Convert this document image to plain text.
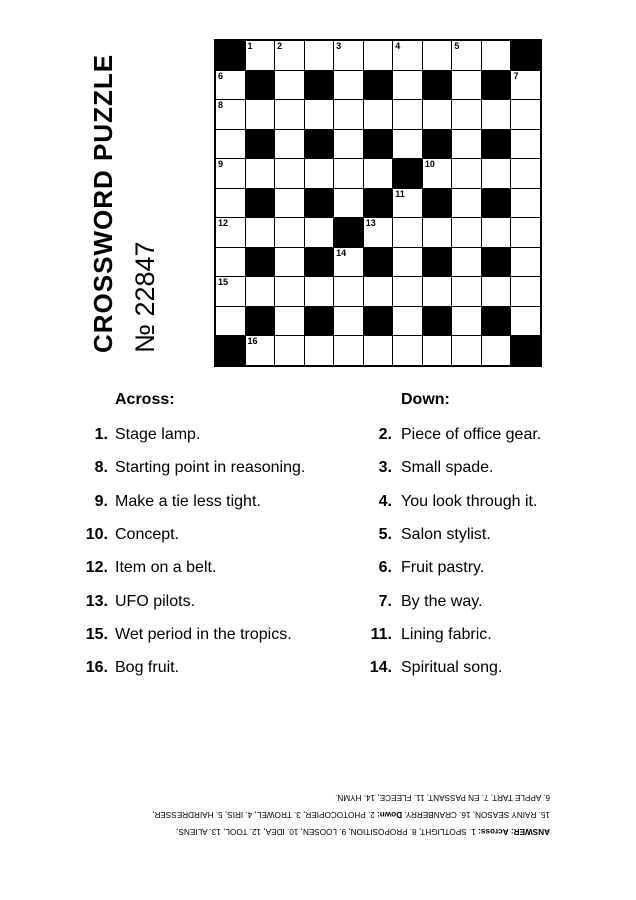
CROSSWORD PUZZLE № 22847
1	2	3	4	5
6	7
8
9	10
11
12	13
14
15
16
Across:	Down:
1. Stage lamp.
8. Starting point in reasoning.
9. Make a tie less tight.
10. Concept.
12. Item on a belt.
13. UFO pilots.
15. Wet period in the tropics.
16. Bog fruit.
2. Piece of office gear.
3. Small spade.
4. You look through it.
5. Salon stylist.
6. Fruit pastry.
7. By the way.
11. Lining fabric.
14. Spiritual song.
ANSWER: Across: 1. SPOTLIGHT, 8. PROPOSITION, 9. LOOSEN, 10. IDEA, 12. TOOL, 13. ALIENS,
15. RAINY SEASON, 16. CRANBERRY. Down: 2. PHOTOCOPIER, 3. TROWEL, 4. IRIS, 5. HAIRDRESSER,
6. APPLE TART, 7. EN PASSANT, 11. FLEECE, 14. HYMN.
